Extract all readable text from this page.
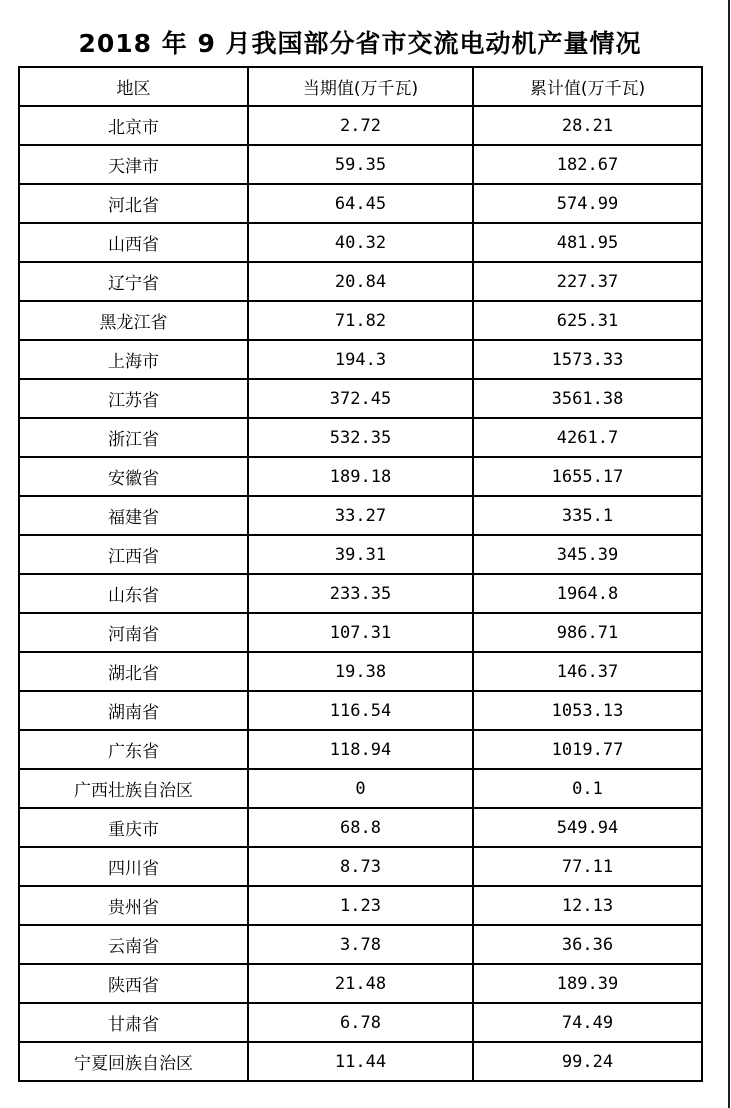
2018 年 9 月我国部分省市交流电动机产量情况
地区	当期值(万千瓦)	累计值(万千瓦)
北京市	2.72	28.21
天津市	59.35	182.67
河北省	64.45	574.99
山西省	40.32	481.95
辽宁省	20.84	227.37
黑龙江省	71.82	625.31
上海市	194.3	1573.33
江苏省	372.45	3561.38
浙江省	532.35	4261.7
安徽省	189.18	1655.17
福建省	33.27	335.1
江西省	39.31	345.39
山东省	233.35	1964.8
河南省	107.31	986.71
湖北省	19.38	146.37
湖南省	116.54	1053.13
广东省	118.94	1019.77
广西壮族自治区	0	0.1
重庆市	68.8	549.94
四川省	8.73	77.11
贵州省	1.23	12.13
云南省	3.78	36.36
陕西省	21.48	189.39
甘肃省	6.78	74.49
宁夏回族自治区	11.44	99.24
